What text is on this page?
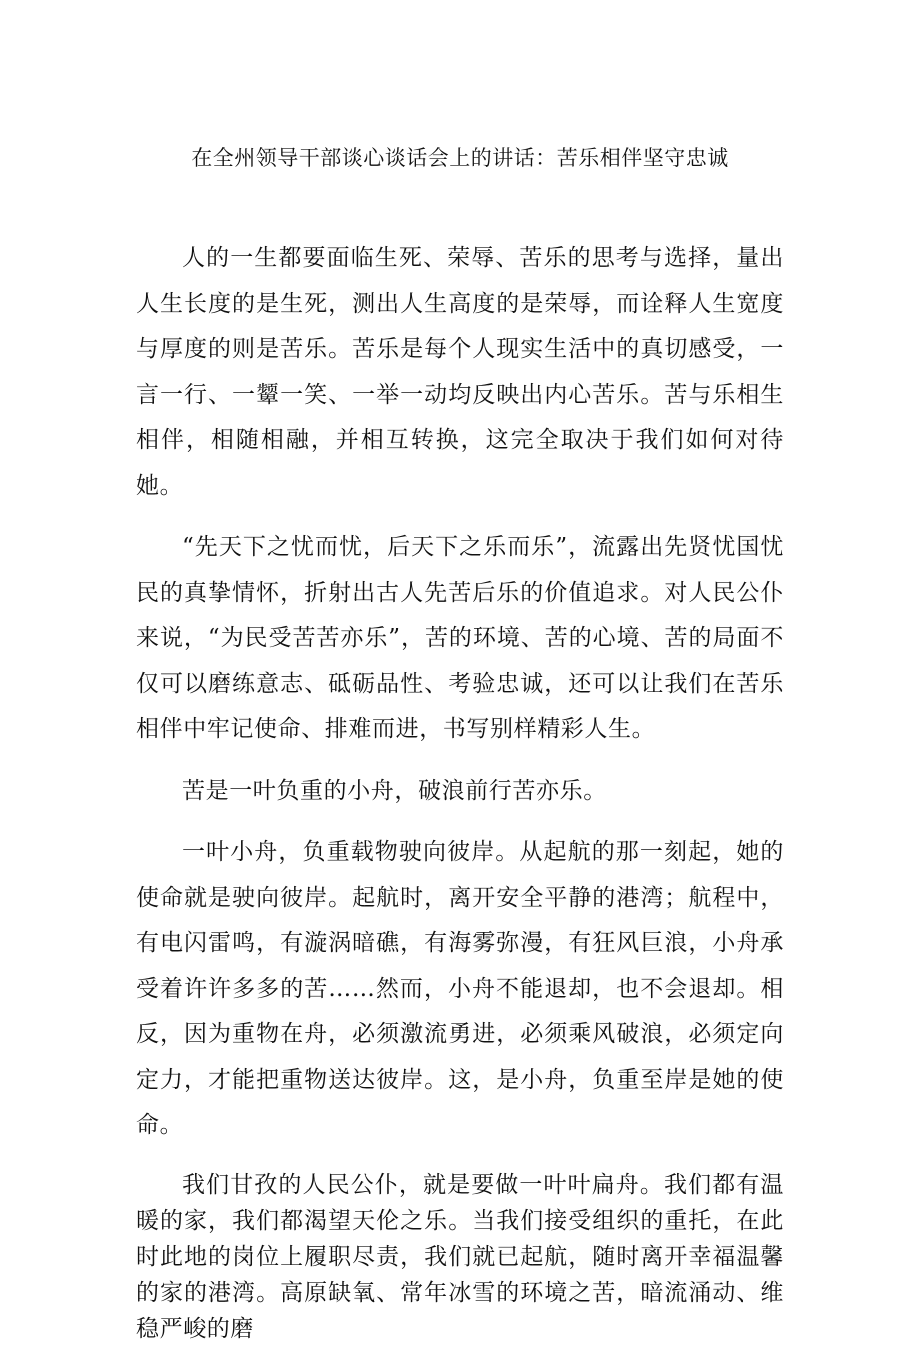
在全州领导干部谈心谈话会上的讲话：苦乐相伴坚守忠诚

人的一生都要面临生死、荣辱、苦乐的思考与选择，量出人生长度的是生死，测出人生高度的是荣辱，而诠释人生宽度与厚度的则是苦乐。苦乐是每个人现实生活中的真切感受，一言一行、一颦一笑、一举一动均反映出内心苦乐。苦与乐相生相伴，相随相融，并相互转换，这完全取决于我们如何对待她。

“先天下之忧而忧，后天下之乐而乐”，流露出先贤忧国忧民的真挚情怀，折射出古人先苦后乐的价值追求。对人民公仆来说，“为民受苦苦亦乐”，苦的环境、苦的心境、苦的局面不仅可以磨练意志、砥砺品性、考验忠诚，还可以让我们在苦乐相伴中牢记使命、排难而进，书写别样精彩人生。

苦是一叶负重的小舟，破浪前行苦亦乐。

一叶小舟，负重载物驶向彼岸。从起航的那一刻起，她的使命就是驶向彼岸。起航时，离开安全平静的港湾；航程中，有电闪雷鸣，有漩涡暗礁，有海雾弥漫，有狂风巨浪，小舟承受着许许多多的苦……然而，小舟不能退却，也不会退却。相反，因为重物在舟，必须激流勇进，必须乘风破浪，必须定向定力，才能把重物送达彼岸。这，是小舟，负重至岸是她的使命。

我们甘孜的人民公仆，就是要做一叶叶扁舟。我们都有温暖的家，我们都渴望天伦之乐。当我们接受组织的重托，在此时此地的岗位上履职尽责，我们就已起航，随时离开幸福温馨的家的港湾。高原缺氧、常年冰雪的环境之苦，暗流涌动、维稳严峻的磨
